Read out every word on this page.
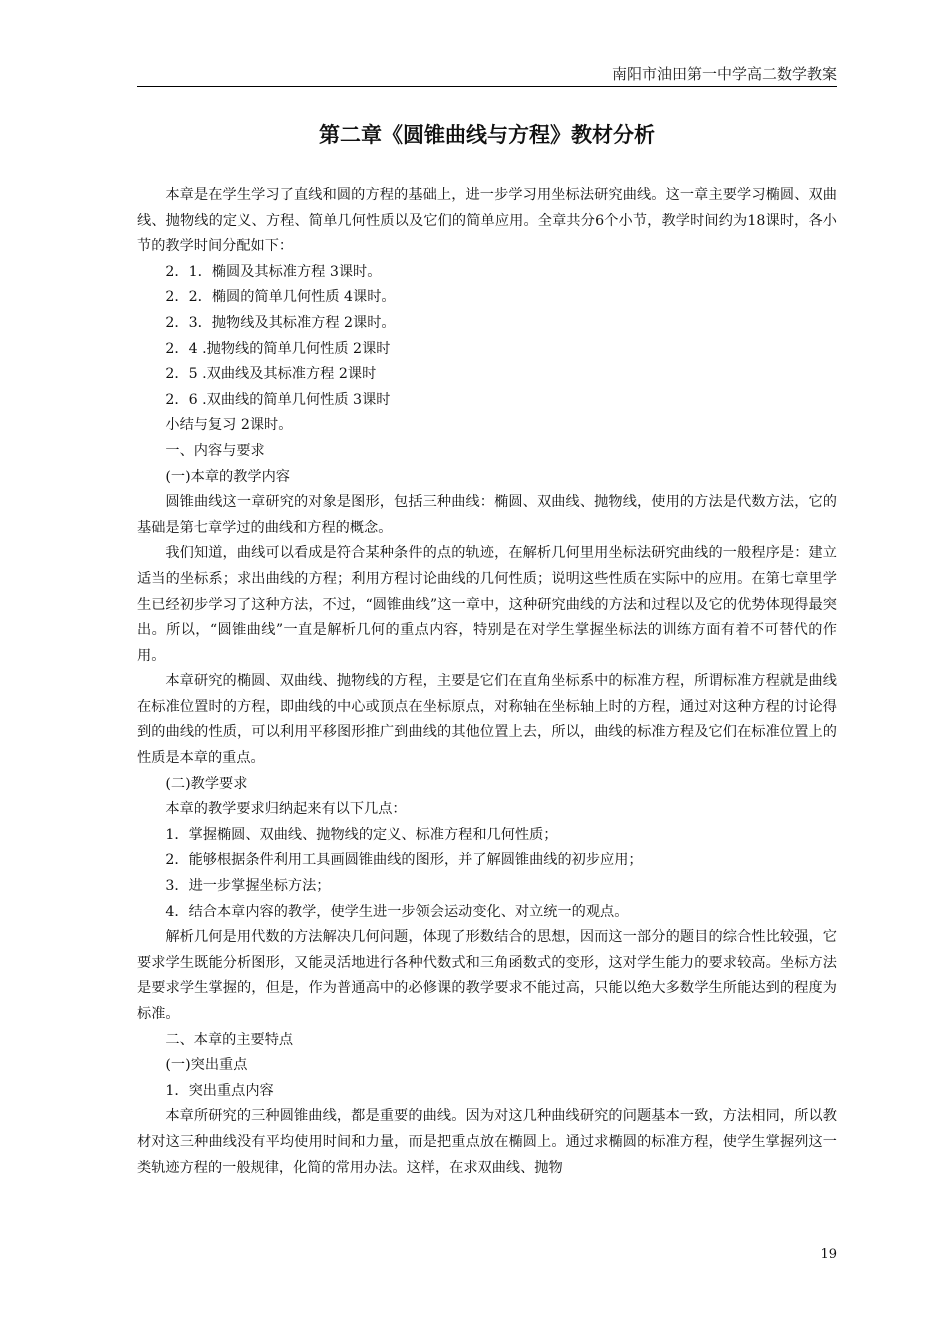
南阳市油田第一中学高二数学教案
第二章《圆锥曲线与方程》教材分析

本章是在学生学习了直线和圆的方程的基础上，进一步学习用坐标法研究曲线。这一章主要学习椭圆、双曲线、抛物线的定义、方程、简单几何性质以及它们的简单应用。全章共分6个小节，教学时间约为18课时，各小节的教学时间分配如下：

2．1．椭圆及其标准方程 3课时。

2．2．椭圆的简单几何性质 4课时。

2．3．抛物线及其标准方程 2课时。

2．4 .抛物线的简单几何性质 2课时

2．5 .双曲线及其标准方程 2课时

2．6 .双曲线的简单几何性质 3课时

小结与复习 2课时。

一、内容与要求

(一)本章的教学内容

圆锥曲线这一章研究的对象是图形，包括三种曲线：椭圆、双曲线、抛物线，使用的方法是代数方法，它的基础是第七章学过的曲线和方程的概念。

我们知道，曲线可以看成是符合某种条件的点的轨迹，在解析几何里用坐标法研究曲线的一般程序是：建立适当的坐标系；求出曲线的方程；利用方程讨论曲线的几何性质；说明这些性质在实际中的应用。在第七章里学生已经初步学习了这种方法，不过，“圆锥曲线”这一章中，这种研究曲线的方法和过程以及它的优势体现得最突出。所以，“圆锥曲线”一直是解析几何的重点内容，特别是在对学生掌握坐标法的训练方面有着不可替代的作用。

本章研究的椭圆、双曲线、抛物线的方程，主要是它们在直角坐标系中的标准方程，所谓标准方程就是曲线在标准位置时的方程，即曲线的中心或顶点在坐标原点，对称轴在坐标轴上时的方程，通过对这种方程的讨论得到的曲线的性质，可以利用平移图形推广到曲线的其他位置上去，所以，曲线的标准方程及它们在标准位置上的性质是本章的重点。

(二)教学要求

本章的教学要求归纳起来有以下几点：

1．掌握椭圆、双曲线、抛物线的定义、标准方程和几何性质；

2．能够根据条件利用工具画圆锥曲线的图形，并了解圆锥曲线的初步应用；

3．进一步掌握坐标方法；

4．结合本章内容的教学，使学生进一步领会运动变化、对立统一的观点。

解析几何是用代数的方法解决几何问题，体现了形数结合的思想，因而这一部分的题目的综合性比较强，它要求学生既能分析图形，又能灵活地进行各种代数式和三角函数式的变形，这对学生能力的要求较高。坐标方法是要求学生掌握的，但是，作为普通高中的必修课的教学要求不能过高，只能以绝大多数学生所能达到的程度为标准。

二、本章的主要特点

(一)突出重点

1．突出重点内容

本章所研究的三种圆锥曲线，都是重要的曲线。因为对这几种曲线研究的问题基本一致，方法相同，所以教材对这三种曲线没有平均使用时间和力量，而是把重点放在椭圆上。通过求椭圆的标准方程，使学生掌握列这一类轨迹方程的一般规律，化简的常用办法。这样，在求双曲线、抛物

19
